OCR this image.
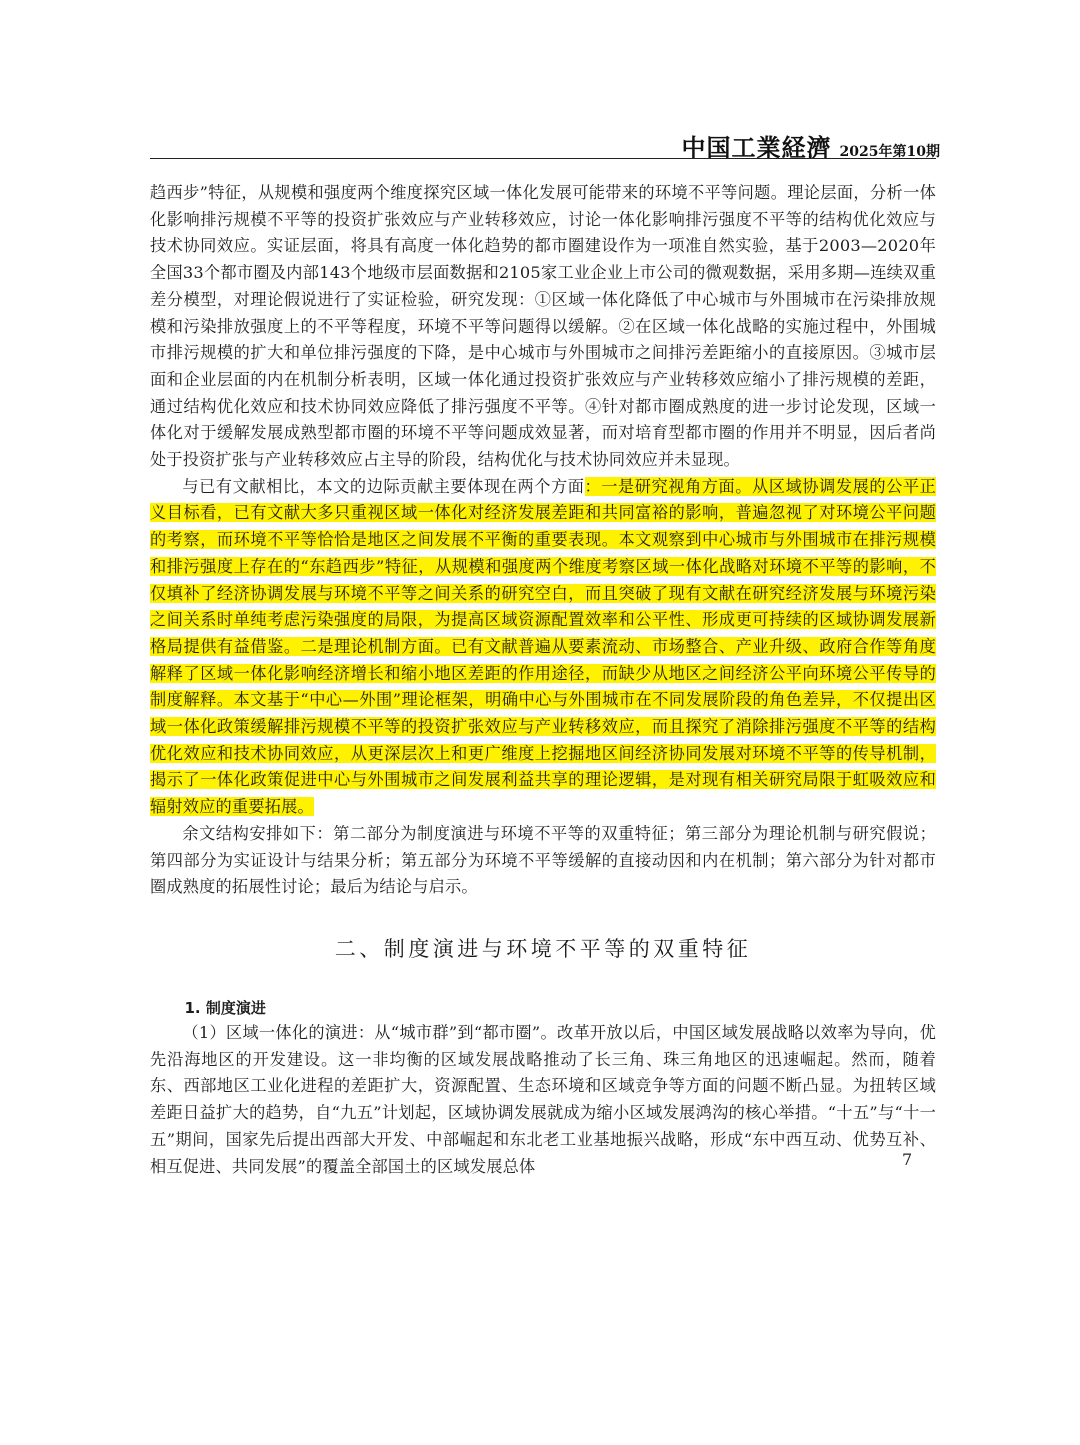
中国工業経濟 2025年第10期

趋西步”特征，从规模和强度两个维度探究区域一体化发展可能带来的环境不平等问题。理论层面，分析一体化影响排污规模不平等的投资扩张效应与产业转移效应，讨论一体化影响排污强度不平等的结构优化效应与技术协同效应。实证层面，将具有高度一体化趋势的都市圈建设作为一项准自然实验，基于2003—2020年全国33个都市圈及内部143个地级市层面数据和2105家工业企业上市公司的微观数据，采用多期—连续双重差分模型，对理论假说进行了实证检验，研究发现：①区域一体化降低了中心城市与外围城市在污染排放规模和污染排放强度上的不平等程度，环境不平等问题得以缓解。②在区域一体化战略的实施过程中，外围城市排污规模的扩大和单位排污强度的下降，是中心城市与外围城市之间排污差距缩小的直接原因。③城市层面和企业层面的内在机制分析表明，区域一体化通过投资扩张效应与产业转移效应缩小了排污规模的差距，通过结构优化效应和技术协同效应降低了排污强度不平等。④针对都市圈成熟度的进一步讨论发现，区域一体化对于缓解发展成熟型都市圈的环境不平等问题成效显著，而对培育型都市圈的作用并不明显，因后者尚处于投资扩张与产业转移效应占主导的阶段，结构优化与技术协同效应并未显现。

与已有文献相比，本文的边际贡献主要体现在两个方面：一是研究视角方面。从区域协调发展的公平正义目标看，已有文献大多只重视区域一体化对经济发展差距和共同富裕的影响，普遍忽视了对环境公平问题的考察，而环境不平等恰恰是地区之间发展不平衡的重要表现。本文观察到中心城市与外围城市在排污规模和排污强度上存在的“东趋西步”特征，从规模和强度两个维度考察区域一体化战略对环境不平等的影响，不仅填补了经济协调发展与环境不平等之间关系的研究空白，而且突破了现有文献在研究经济发展与环境污染之间关系时单纯考虑污染强度的局限，为提高区域资源配置效率和公平性、形成更可持续的区域协调发展新格局提供有益借鉴。二是理论机制方面。已有文献普遍从要素流动、市场整合、产业升级、政府合作等角度解释了区域一体化影响经济增长和缩小地区差距的作用途径，而缺少从地区之间经济公平向环境公平传导的制度解释。本文基于“中心—外围”理论框架，明确中心与外围城市在不同发展阶段的角色差异，不仅提出区域一体化政策缓解排污规模不平等的投资扩张效应与产业转移效应，而且探究了消除排污强度不平等的结构优化效应和技术协同效应，从更深层次上和更广维度上挖掘地区间经济协同发展对环境不平等的传导机制，揭示了一体化政策促进中心与外围城市之间发展利益共享的理论逻辑，是对现有相关研究局限于虹吸效应和辐射效应的重要拓展。

余文结构安排如下：第二部分为制度演进与环境不平等的双重特征；第三部分为理论机制与研究假说；第四部分为实证设计与结果分析；第五部分为环境不平等缓解的直接动因和内在机制；第六部分为针对都市圈成熟度的拓展性讨论；最后为结论与启示。

二、制度演进与环境不平等的双重特征
1. 制度演进

（1）区域一体化的演进：从“城市群”到“都市圈”。改革开放以后，中国区域发展战略以效率为导向，优先沿海地区的开发建设。这一非均衡的区域发展战略推动了长三角、珠三角地区的迅速崛起。然而，随着东、西部地区工业化进程的差距扩大，资源配置、生态环境和区域竞争等方面的问题不断凸显。为扭转区域差距日益扩大的趋势，自“九五”计划起，区域协调发展就成为缩小区域发展鸿沟的核心举措。“十五”与“十一五”期间，国家先后提出西部大开发、中部崛起和东北老工业基地振兴战略，形成“东中西互动、优势互补、相互促进、共同发展”的覆盖全部国土的区域发展总体	7
